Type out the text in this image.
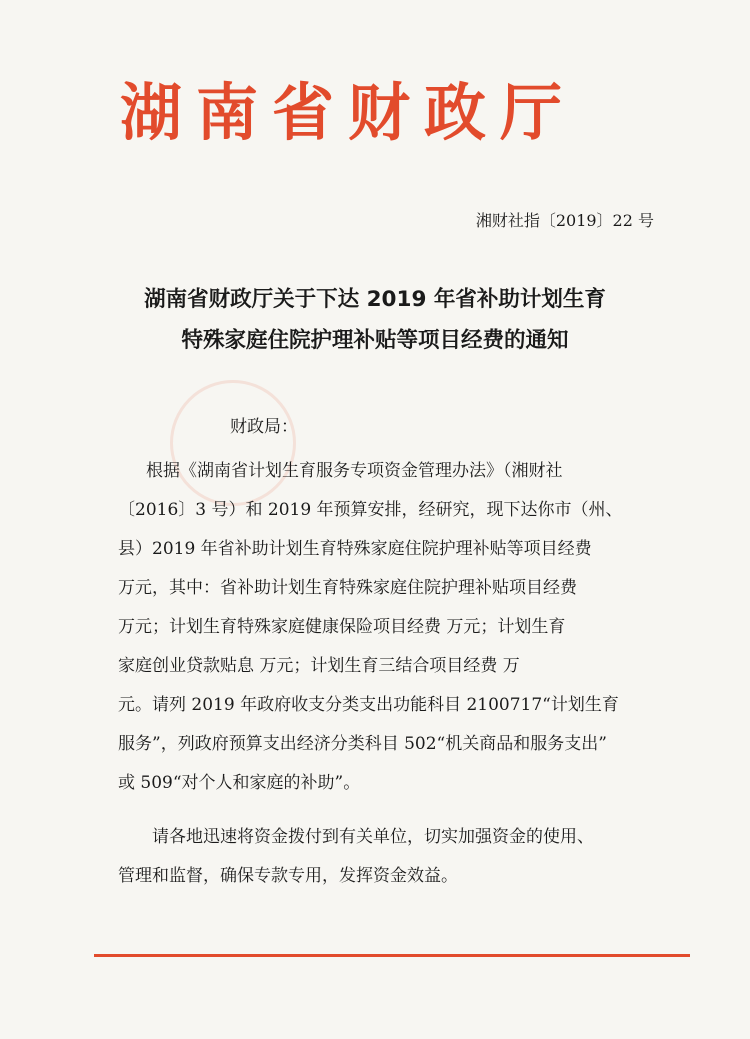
湖南省财政厅
湘财社指〔2019〕22 号
湖南省财政厅关于下达 2019 年省补助计划生育
特殊家庭住院护理补贴等项目经费的通知
财政局：
根据《湖南省计划生育服务专项资金管理办法》（湘财社
〔2016〕3 号）和 2019 年预算安排，经研究，现下达你市（州、
县）2019 年省补助计划生育特殊家庭住院护理补贴等项目经费
万元，其中：省补助计划生育特殊家庭住院护理补贴项目经费
万元；计划生育特殊家庭健康保险项目经费 万元；计划生育
家庭创业贷款贴息 万元；计划生育三结合项目经费 万
元。请列 2019 年政府收支分类支出功能科目 2100717“计划生育
服务”，列政府预算支出经济分类科目 502“机关商品和服务支出”
或 509“对个人和家庭的补助”。
请各地迅速将资金拨付到有关单位，切实加强资金的使用、
管理和监督，确保专款专用，发挥资金效益。
